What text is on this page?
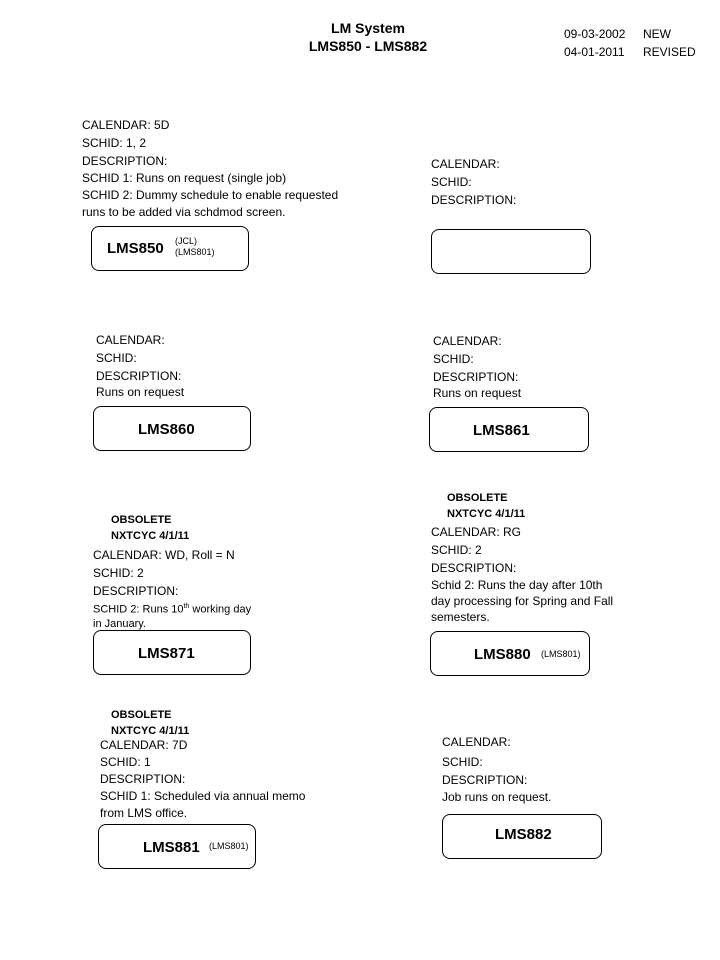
LM System
LMS850 - LMS882
09-03-2002 NEW
04-01-2011 REVISED
CALENDAR: 5D
SCHID: 1, 2
DESCRIPTION:
SCHID 1: Runs on request (single job)
SCHID 2: Dummy schedule to enable requested
runs to be added via schdmod screen.
LMS850 (JCL)
(LMS801)
CALENDAR:
SCHID:
DESCRIPTION:
CALENDAR:
SCHID:
DESCRIPTION:
Runs on request
LMS860
CALENDAR:
SCHID:
DESCRIPTION:
Runs on request
LMS861
OBSOLETE
NXTCYC 4/1/11
CALENDAR: WD, Roll = N
SCHID: 2
DESCRIPTION:
SCHID 2: Runs 10th working day
in January.
LMS871
OBSOLETE
NXTCYC 4/1/11
CALENDAR: RG
SCHID: 2
DESCRIPTION:
Schid 2: Runs the day after 10th
day processing for Spring and Fall
semesters.
LMS880 (LMS801)
OBSOLETE
NXTCYC 4/1/11
CALENDAR: 7D
SCHID: 1
DESCRIPTION:
SCHID 1: Scheduled via annual memo
from LMS office.
LMS881 (LMS801)
CALENDAR:
SCHID:
DESCRIPTION:
Job runs on request.
LMS882
